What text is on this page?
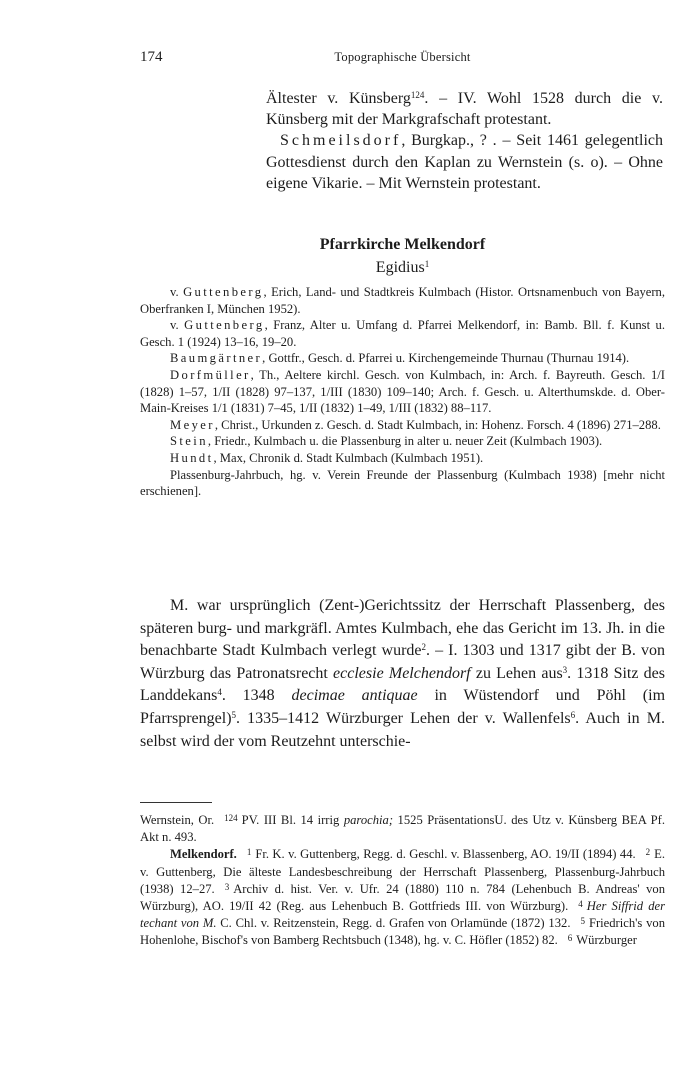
174	Topographische Übersicht

Ältester v. Künsberg$^{124}$. – IV. Wohl 1528 durch die v. Künsberg mit der Markgrafschaft protestant.

Schmeilsdorf, Burgkap., ? . – Seit 1461 gelegentlich Gottesdienst durch den Kaplan zu Wernstein (s. o). – Ohne eigene Vikarie. – Mit Wernstein protestant.

Pfarrkirche Melkendorf
Egidius$^1$

v. Guttenberg, Erich, Land- und Stadtkreis Kulmbach (Histor. Ortsnamenbuch von Bayern, Oberfranken I, München 1952).

v. Guttenberg, Franz, Alter u. Umfang d. Pfarrei Melkendorf, in: Bamb. Bll. f. Kunst u. Gesch. 1 (1924) 13–16, 19–20.

Baumgärtner, Gottfr., Gesch. d. Pfarrei u. Kirchengemeinde Thurnau (Thurnau 1914).

Dorfmüller, Th., Aeltere kirchl. Gesch. von Kulmbach, in: Arch. f. Bayreuth. Gesch. 1/I (1828) 1–57, 1/II (1828) 97–137, 1/III (1830) 109–140; Arch. f. Gesch. u. Alterthumskde. d. Ober-Main-Kreises 1/1 (1831) 7–45, 1/II (1832) 1–49, 1/III (1832) 88–117.

Meyer, Christ., Urkunden z. Gesch. d. Stadt Kulmbach, in: Hohenz. Forsch. 4 (1896) 271–288.

Stein, Friedr., Kulmbach u. die Plassenburg in alter u. neuer Zeit (Kulmbach 1903).

Hundt, Max, Chronik d. Stadt Kulmbach (Kulmbach 1951).

Plassenburg-Jahrbuch, hg. v. Verein Freunde der Plassenburg (Kulmbach 1938) [mehr nicht erschienen].

M. war ursprünglich (Zent-)Gerichtssitz der Herrschaft Plassenberg, des späteren burg- und markgräfl. Amtes Kulmbach, ehe das Gericht im 13. Jh. in die benachbarte Stadt Kulmbach verlegt wurde$^2$. – I. 1303 und 1317 gibt der B. von Würzburg das Patronatsrecht ecclesie Melchendorf zu Lehen aus$^3$. 1318 Sitz des Landdekans$^4$. 1348 decimae antiquae in Wüstendorf und Pöhl (im Pfarrsprengel)$^5$. 1335–1412 Würzburger Lehen der v. Wallenfels$^6$. Auch in M. selbst wird der vom Reutzehnt unterschie-

Wernstein, Or. $^{124}$ PV. III Bl. 14 irrig parochia; 1525 PräsentationsU. des Utz v. Künsberg BEA Pf. Akt n. 493.

Melkendorf. $^1$ Fr. K. v. Guttenberg, Regg. d. Geschl. v. Blassenberg, AO. 19/II (1894) 44. $^2$ E. v. Guttenberg, Die älteste Landesbeschreibung der Herrschaft Plassenberg, Plassenburg-Jahrbuch (1938) 12–27. $^3$ Archiv d. hist. Ver. v. Ufr. 24 (1880) 110 n. 784 (Lehenbuch B. Andreas' von Würzburg), AO. 19/II 42 (Reg. aus Lehenbuch B. Gottfrieds III. von Würzburg). $^4$ Her Siffrid der techant von M. C. Chl. v. Reitzenstein, Regg. d. Grafen von Orlamünde (1872) 132. $^5$ Friedrich's von Hohenlohe, Bischof's von Bamberg Rechtsbuch (1348), hg. v. C. Höfler (1852) 82. $^6$ Würzburger
